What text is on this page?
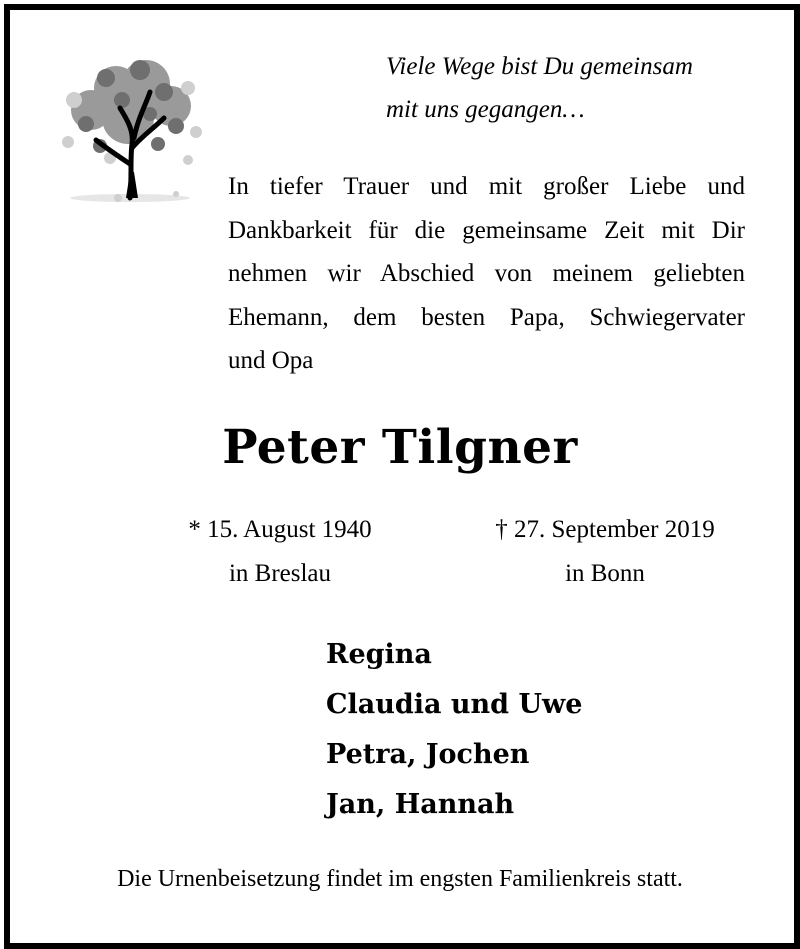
Viele Wege bist Du gemeinsam
mit uns gegangen…
In tiefer Trauer und mit großer Liebe und
Dankbarkeit für die gemeinsame Zeit mit Dir
nehmen wir Abschied von meinem geliebten
Ehemann, dem besten Papa, Schwiegervater
und Opa
Peter Tilgner
* 15. August 1940
in Breslau
† 27. September 2019
in Bonn
Regina
Claudia und Uwe
Petra, Jochen
Jan, Hannah
Die Urnenbeisetzung findet im engsten Familienkreis statt.
